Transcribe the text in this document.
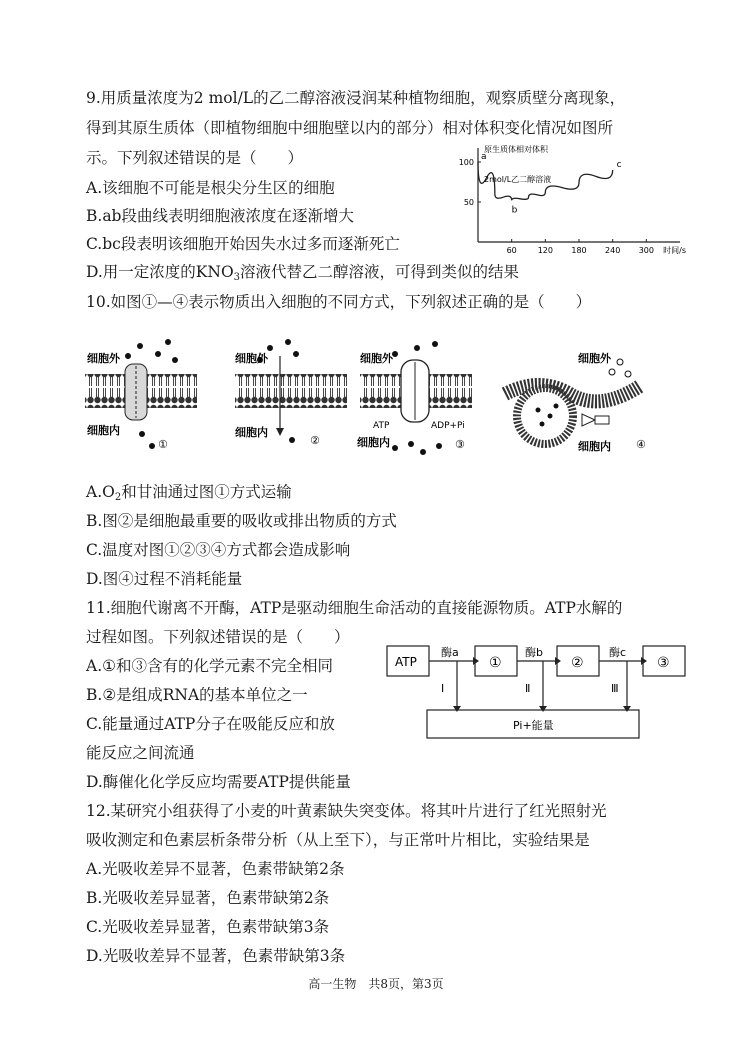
9.用质量浓度为2 mol/L的乙二醇溶液浸润某种植物细胞，观察质壁分离现象，
得到其原生质体（即植物细胞中细胞壁以内的部分）相对体积变化情况如图所
示。下列叙述错误的是（　　）
A.该细胞不可能是根尖分生区的细胞
B.ab段曲线表明细胞液浓度在逐渐增大
C.bc段表明该细胞开始因失水过多而逐渐死亡
D.用一定浓度的$KNO_3$溶液代替乙二醇溶液，可得到类似的结果
60	120 180 240 300
50
100
a
b
c
原生质体相对体积
2mol/L乙二醇溶液
时间/s
10.如图①—④表示物质出入细胞的不同方式，下列叙述正确的是（　　）
细胞外
细胞内
①
细胞外
细胞内
②
细胞外
ATP	ADP+Pi
细胞内	③
细胞外
细胞内 ④
$A.O_2$和甘油通过图①方式运输
B.图②是细胞最重要的吸收或排出物质的方式
C.温度对图①②③④方式都会造成影响
D.图④过程不消耗能量
11.细胞代谢离不开酶，ATP是驱动细胞生命活动的直接能源物质。ATP水解的
过程如图。下列叙述错误的是（　　）
A.①和③含有的化学元素不完全相同
B.②是组成RNA的基本单位之一
C.能量通过ATP分子在吸能反应和放
能反应之间流通
D.酶催化化学反应均需要ATP提供能量
ATP	①	②	③
酶a	酶b	酶c
Ⅰ	Ⅱ	Ⅲ
Pi+能量
12.某研究小组获得了小麦的叶黄素缺失突变体。将其叶片进行了红光照射光
吸收测定和色素层析条带分析（从上至下），与正常叶片相比，实验结果是
A.光吸收差异不显著，色素带缺第2条
B.光吸收差异显著，色素带缺第2条
C.光吸收差异显著，色素带缺第3条
D.光吸收差异不显著，色素带缺第3条
高一生物　共8页，第3页
